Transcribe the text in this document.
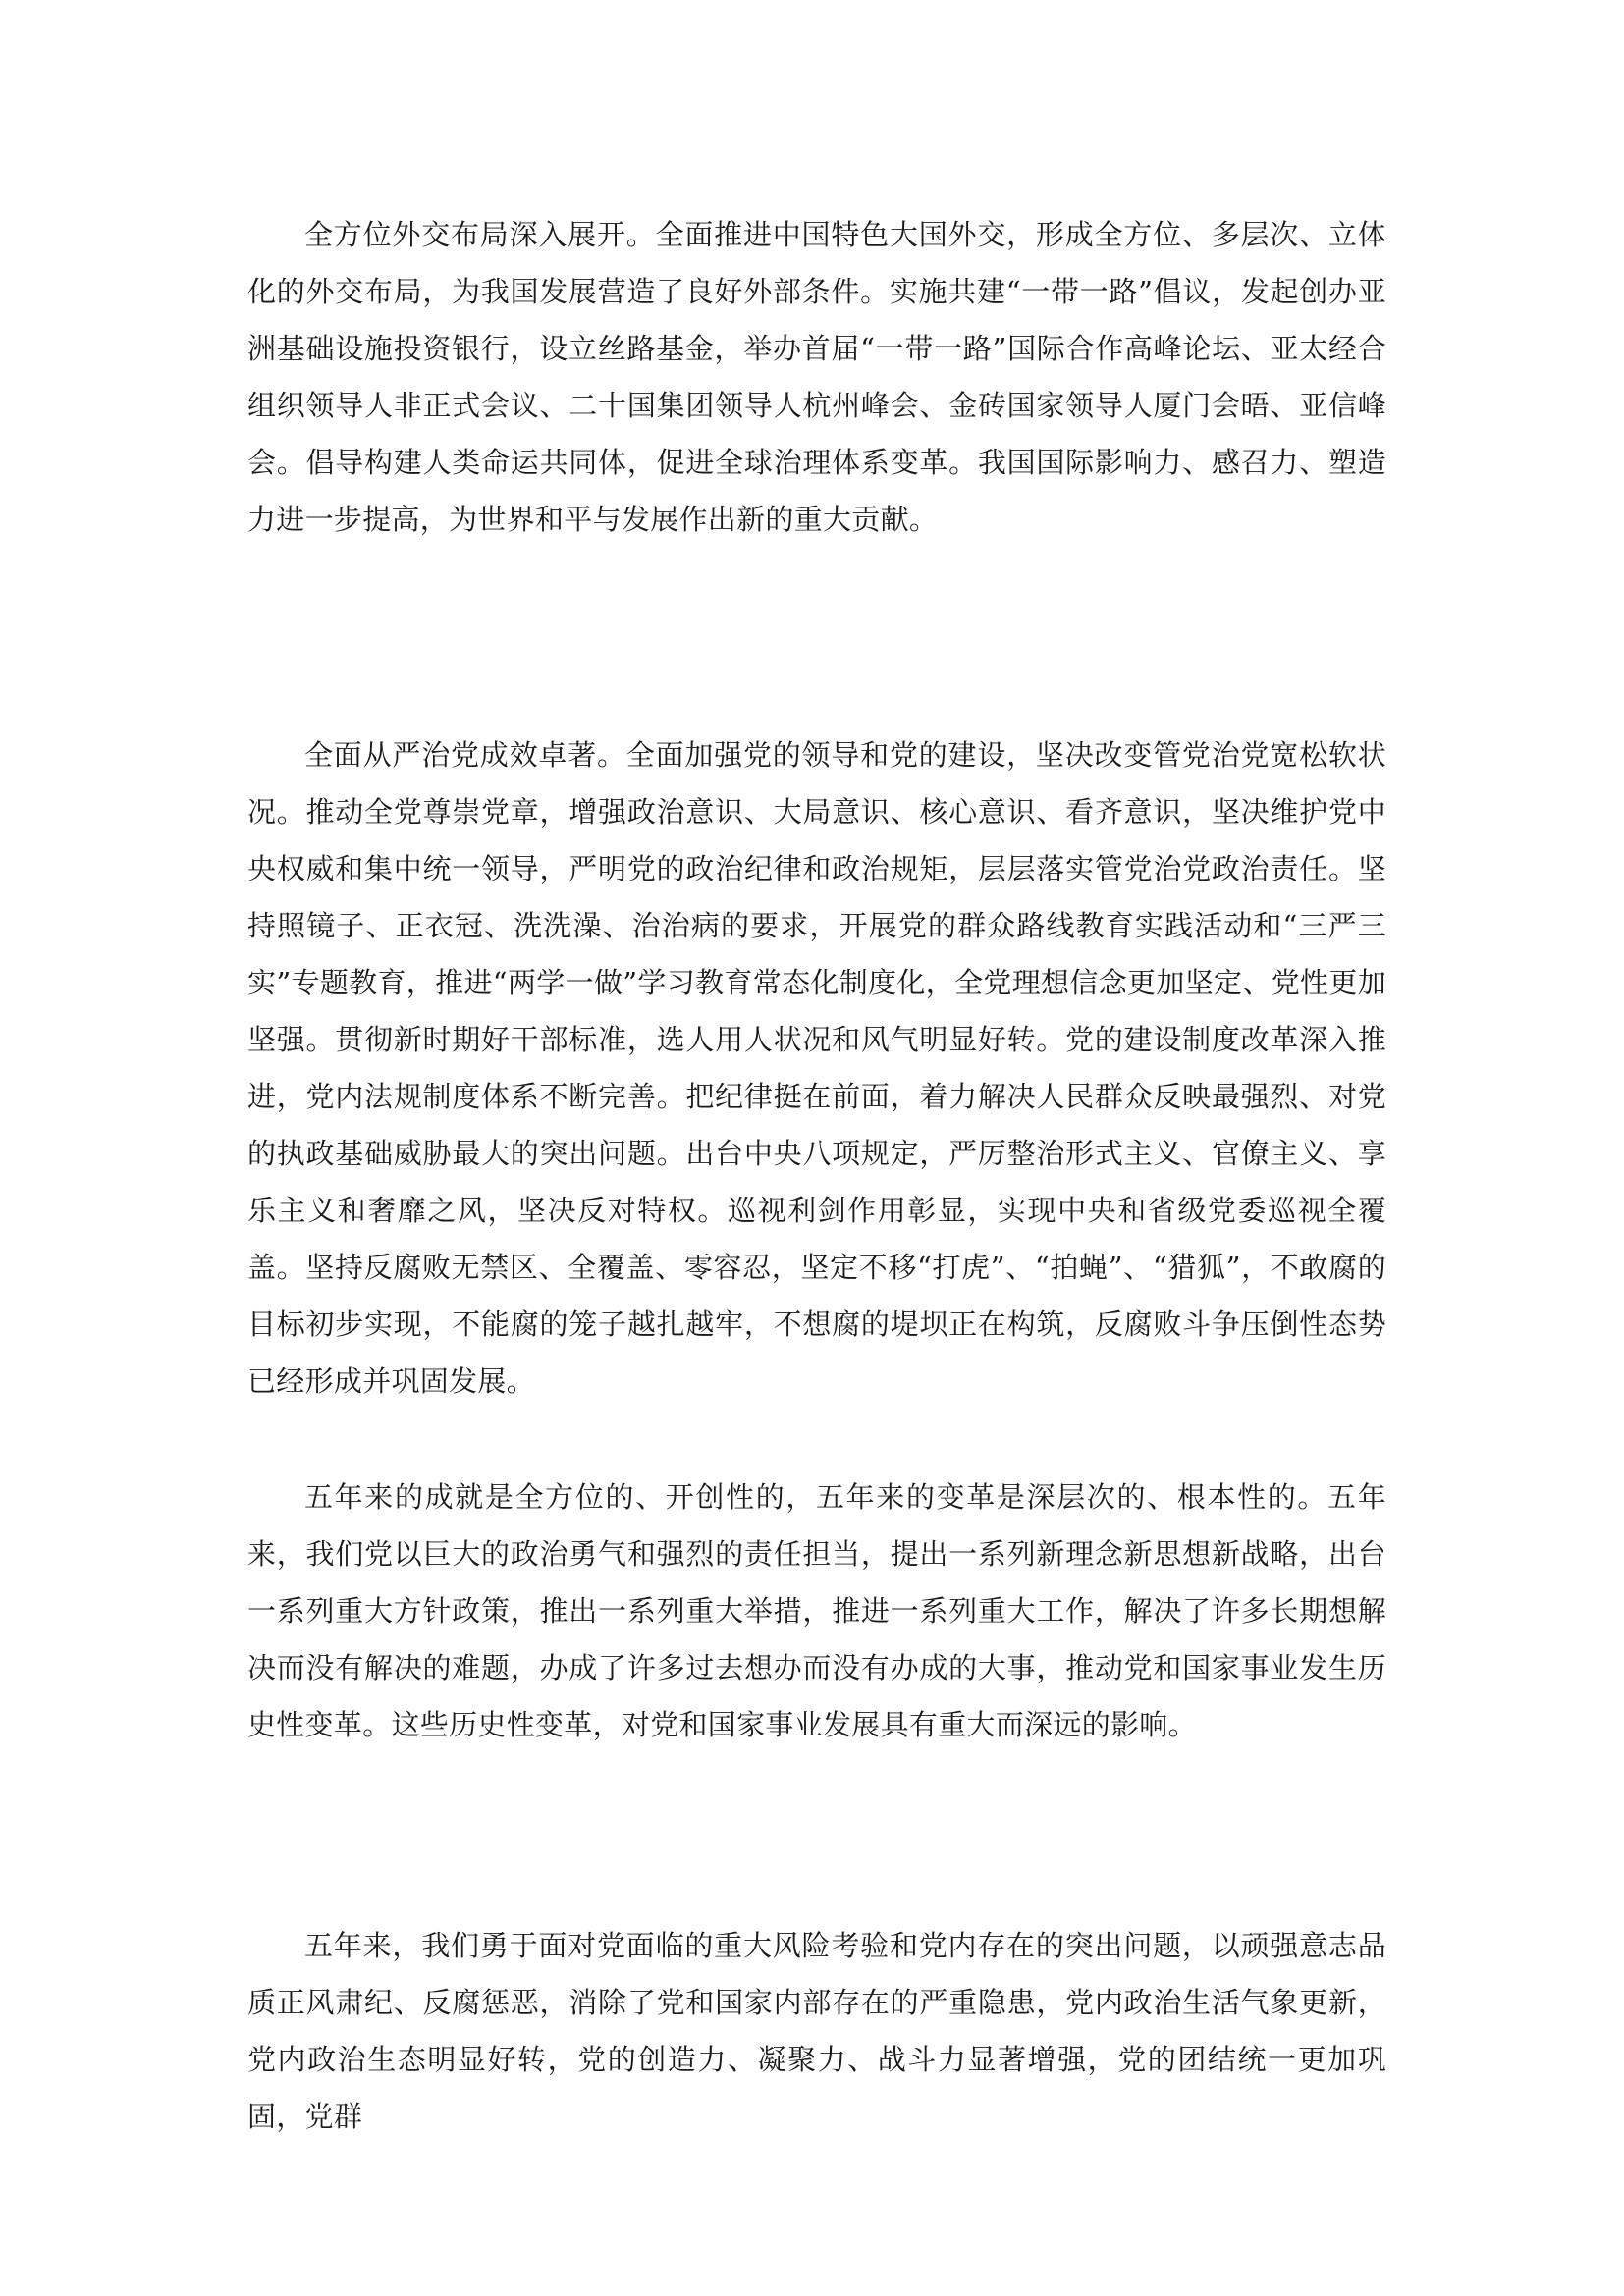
全方位外交布局深入展开。全面推进中国特色大国外交，形成全方位、多层次、立体化的外交布局，为我国发展营造了良好外部条件。实施共建“一带一路”倡议，发起创办亚洲基础设施投资银行，设立丝路基金，举办首届“一带一路”国际合作高峰论坛、亚太经合组织领导人非正式会议、二十国集团领导人杭州峰会、金砖国家领导人厦门会晤、亚信峰会。倡导构建人类命运共同体，促进全球治理体系变革。我国国际影响力、感召力、塑造力进一步提高，为世界和平与发展作出新的重大贡献。

全面从严治党成效卓著。全面加强党的领导和党的建设，坚决改变管党治党宽松软状况。推动全党尊崇党章，增强政治意识、大局意识、核心意识、看齐意识，坚决维护党中央权威和集中统一领导，严明党的政治纪律和政治规矩，层层落实管党治党政治责任。坚持照镜子、正衣冠、洗洗澡、治治病的要求，开展党的群众路线教育实践活动和“三严三实”专题教育，推进“两学一做”学习教育常态化制度化，全党理想信念更加坚定、党性更加坚强。贯彻新时期好干部标准，选人用人状况和风气明显好转。党的建设制度改革深入推进，党内法规制度体系不断完善。把纪律挺在前面，着力解决人民群众反映最强烈、对党的执政基础威胁最大的突出问题。出台中央八项规定，严厉整治形式主义、官僚主义、享乐主义和奢靡之风，坚决反对特权。巡视利剑作用彰显，实现中央和省级党委巡视全覆盖。坚持反腐败无禁区、全覆盖、零容忍，坚定不移“打虎”、“拍蝇”、“猎狐”，不敢腐的目标初步实现，不能腐的笼子越扎越牢，不想腐的堤坝正在构筑，反腐败斗争压倒性态势已经形成并巩固发展。

五年来的成就是全方位的、开创性的，五年来的变革是深层次的、根本性的。五年来，我们党以巨大的政治勇气和强烈的责任担当，提出一系列新理念新思想新战略，出台一系列重大方针政策，推出一系列重大举措，推进一系列重大工作，解决了许多长期想解决而没有解决的难题，办成了许多过去想办而没有办成的大事，推动党和国家事业发生历史性变革。这些历史性变革，对党和国家事业发展具有重大而深远的影响。

五年来，我们勇于面对党面临的重大风险考验和党内存在的突出问题，以顽强意志品质正风肃纪、反腐惩恶，消除了党和国家内部存在的严重隐患，党内政治生活气象更新，党内政治生态明显好转，党的创造力、凝聚力、战斗力显著增强，党的团结统一更加巩固，党群
